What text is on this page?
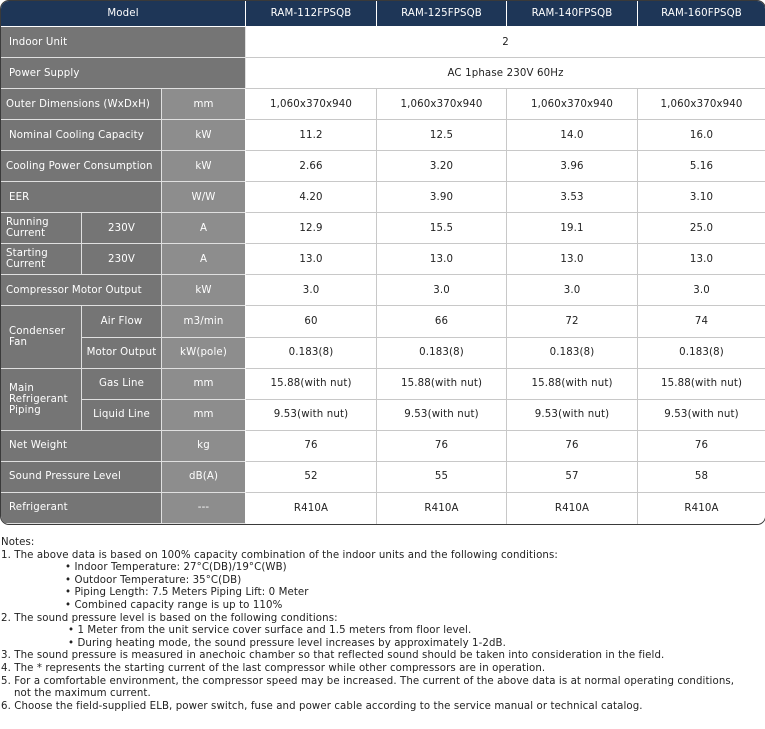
Model			RAM-112FPSQB	RAM-125FPSQB	RAM-140FPSQB	RAM-160FPSQB
Indoor Unit			2			
Power Supply			AC 1phase 230V 60Hz			
Outer Dimensions (WxDxH)		mm	1,060x370x940	1,060x370x940	1,060x370x940	1,060x370x940
Nominal Cooling Capacity		kW	11.2	12.5	14.0	16.0
Cooling Power Consumption		kW	2.66	3.20	3.96	5.16
EER		W/W	4.20	3.90	3.53	3.10
Running Current	230V	A	12.9	15.5	19.1	25.0
Starting Current	230V	A	13.0	13.0	13.0	13.0
Compressor Motor Output		kW	3.0	3.0	3.0	3.0
Condenser Fan	Air Flow	m3/min	60	66	72	74
	Motor Output	kW(pole)	0.183(8)	0.183(8)	0.183(8)	0.183(8)
Main Refrigerant Piping	Gas Line	mm	15.88(with nut)	15.88(with nut)	15.88(with nut)	15.88(with nut)
	Liquid Line	mm	9.53(with nut)	9.53(with nut)	9.53(with nut)	9.53(with nut)
Net Weight		kg	76	76	76	76
Sound Pressure Level		dB(A)	52	55	57	58
Refrigerant		---	R410A	R410A	R410A	R410A
Notes:
1. The above data is based on 100% capacity combination of the indoor units and the following conditions:
• Indoor Temperature: 27°C(DB)/19°C(WB)
• Outdoor Temperature: 35°C(DB)
• Piping Length: 7.5 Meters Piping Lift: 0 Meter
• Combined capacity range is up to 110%
2. The sound pressure level is based on the following conditions:
• 1 Meter from the unit service cover surface and 1.5 meters from floor level.
• During heating mode, the sound pressure level increases by approximately 1-2dB.
3. The sound pressure is measured in anechoic chamber so that reflected sound should be taken into consideration in the field.
4. The * represents the starting current of the last compressor while other compressors are in operation.
5. For a comfortable environment, the compressor speed may be increased. The current of the above data is at normal operating conditions,
not the maximum current.
6. Choose the field-supplied ELB, power switch, fuse and power cable according to the service manual or technical catalog.
